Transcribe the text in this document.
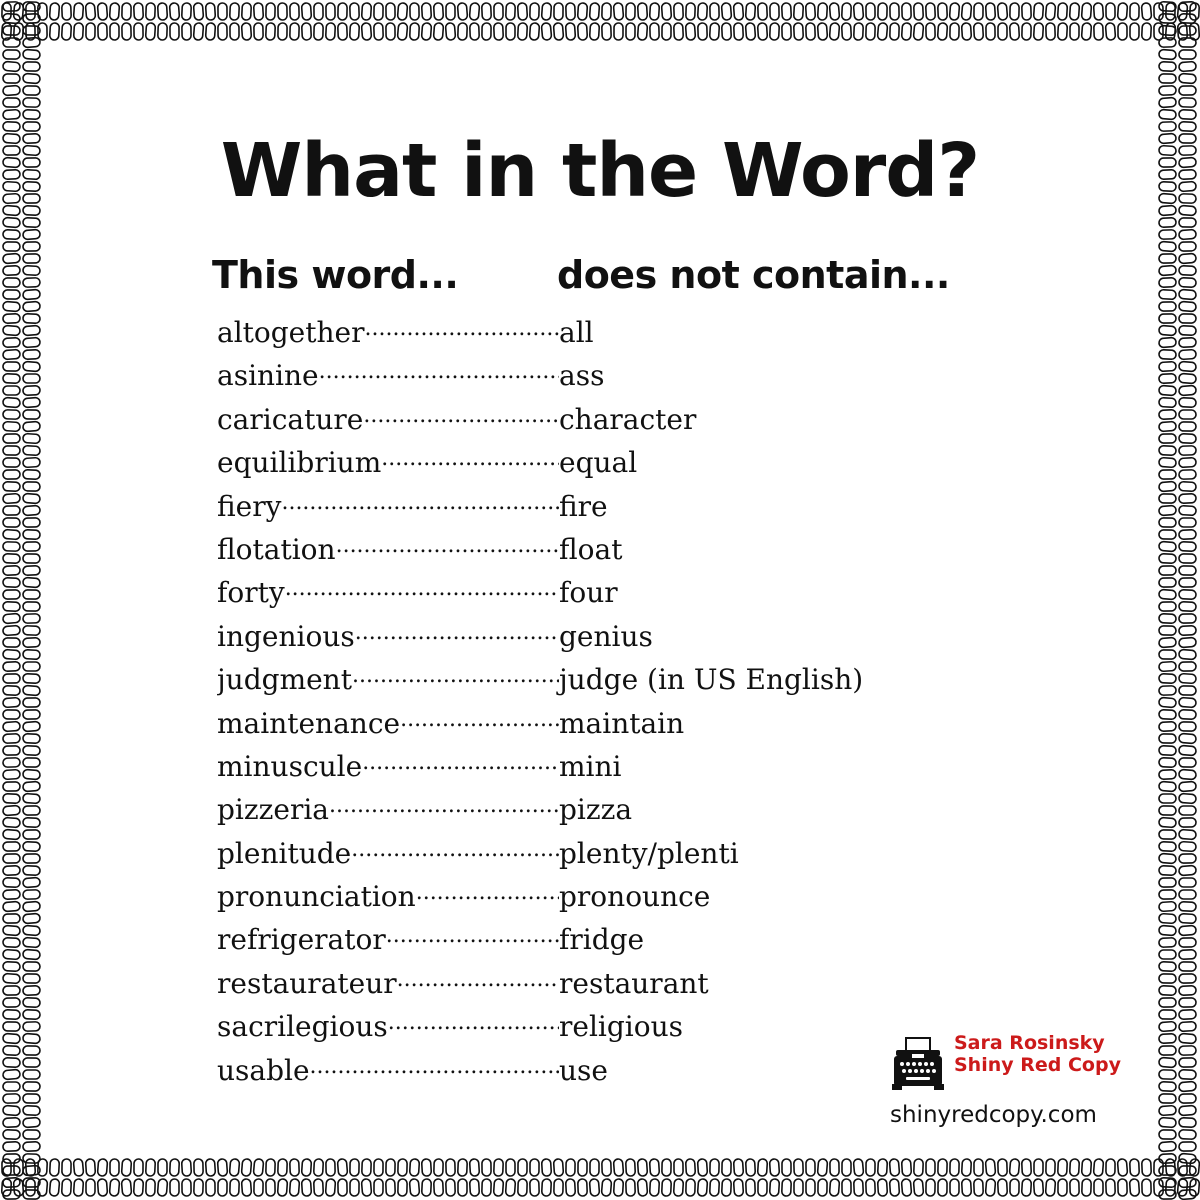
What in the Word?
This word...	does not contain...
altogether .....	all
asinine .....	ass
caricature .....	character
equilibrium .....	equal
fiery .....	fire
flotation .....	float
forty .....	four
ingenious .....	genius
judgment .....	judge (in US English)
maintenance .....	maintain
minuscule .....	mini
pizzeria .....	pizza
plenitude .....	plenty/plenti
pronunciation .....	pronounce
refrigerator .....	fridge
restaurateur .....	restaurant
sacrilegious .....	religious
usable .....	use
Sara Rosinsky
Shiny Red Copy
shinyredcopy.com
